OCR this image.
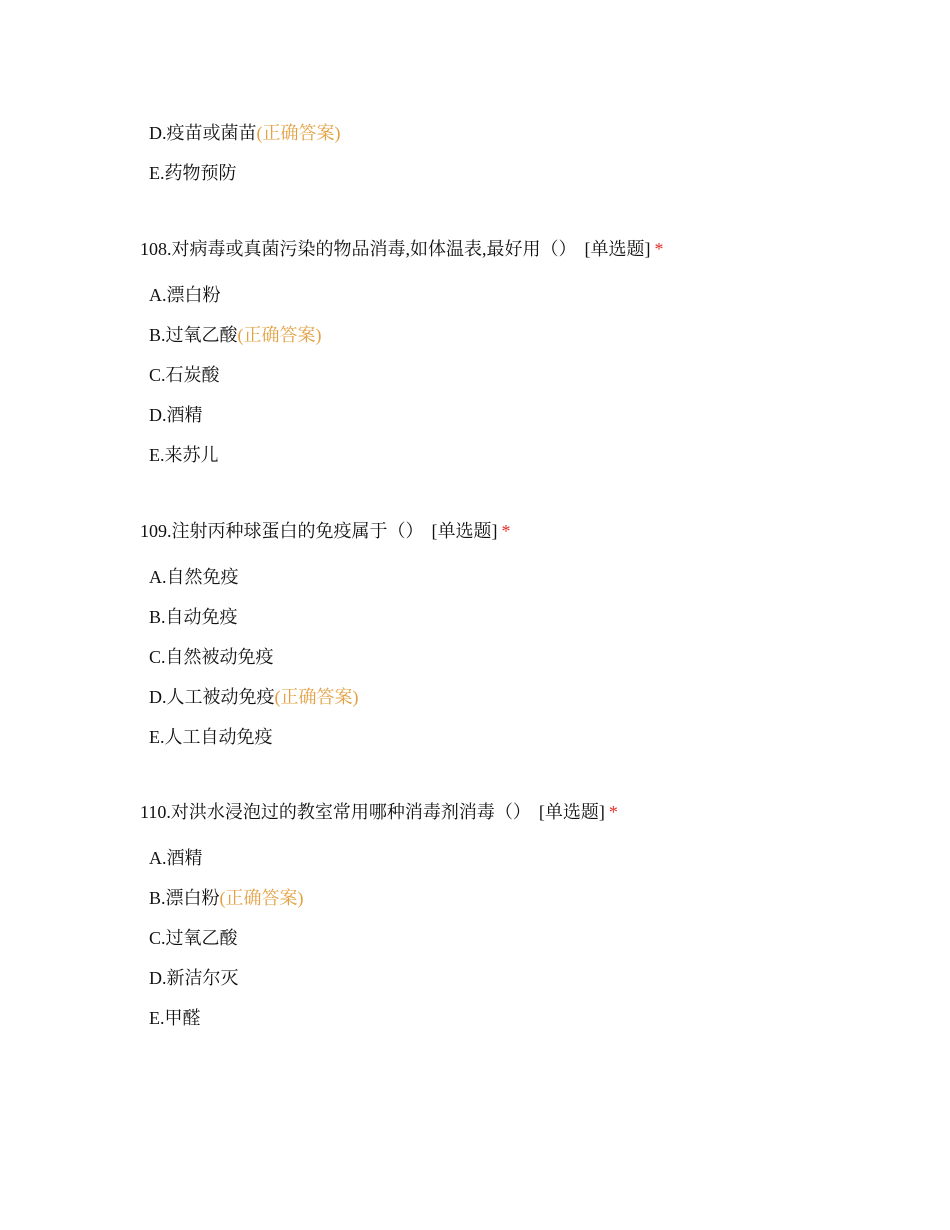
D.疫苗或菌苗(正确答案)
E.药物预防
108.对病毒或真菌污染的物品消毒,如体温表,最好用（） [单选题] *
A.漂白粉
B.过氧乙酸(正确答案)
C.石炭酸
D.酒精
E.来苏儿
109.注射丙种球蛋白的免疫属于（） [单选题] *
A.自然免疫
B.自动免疫
C.自然被动免疫
D.人工被动免疫(正确答案)
E.人工自动免疫
110.对洪水浸泡过的教室常用哪种消毒剂消毒（） [单选题] *
A.酒精
B.漂白粉(正确答案)
C.过氧乙酸
D.新洁尔灭
E.甲醛
